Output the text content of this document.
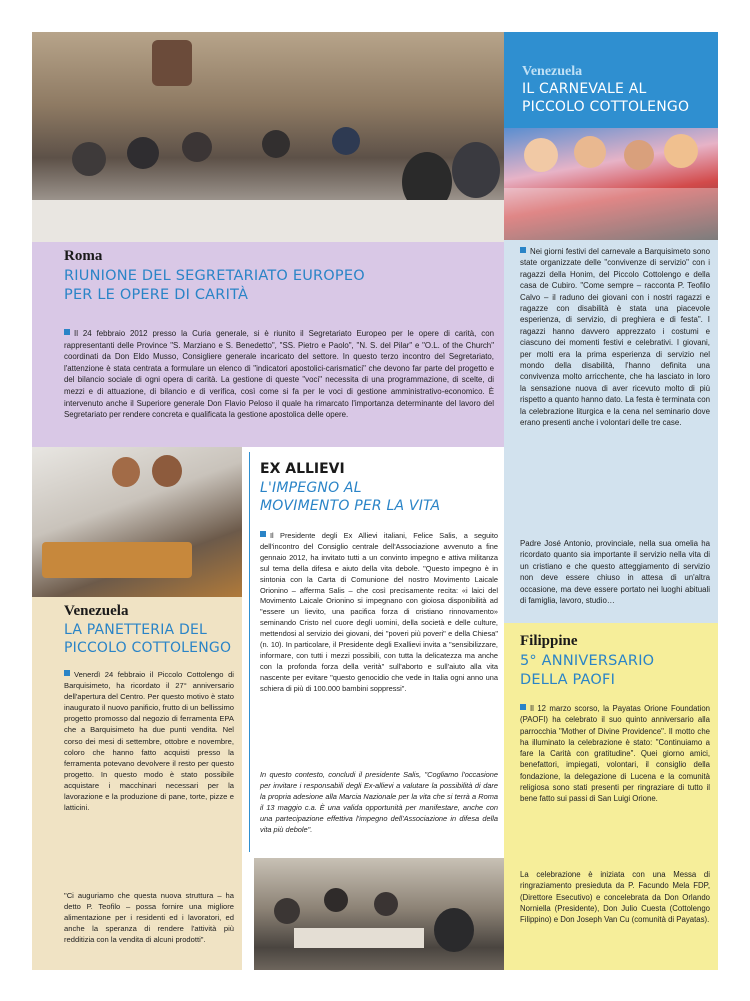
Roma
RIUNIONE DEL SEGRETARIATO EUROPEO
PER LE OPERE DI CARITÀ
Il 24 febbraio 2012 presso la Curia generale, si è riunito il Segretariato Europeo per le opere di carità, con rappresentanti delle Province "S. Marziano e S. Benedetto", "SS. Pietro e Paolo", "N. S. del Pilar" e "O.L. of the Church" coordinati da Don Eldo Musso, Consigliere generale incaricato del settore. In questo terzo incontro del Segretariato, l'attenzione è stata centrata a formulare un elenco di "indicatori apostolici-carismatici" che devono far parte del progetto e del bilancio sociale di ogni opera di carità. La gestione di queste "voci" necessita di una programmazione, di scelte, di mezzi e di attuazione, di bilancio e di verifica, così come si fa per le voci di gestione amministrativo-economico. È intervenuto anche il Superiore generale Don Flavio Peloso il quale ha rimarcato l'importanza determinante del lavoro del Segretariato per rendere concreta e qualificata la gestione apostolica delle opere.
Venezuela
IL CARNEVALE AL
PICCOLO COTTOLENGO
Nei giorni festivi del carnevale a Barquisimeto sono state organizzate delle "convivenze di servizio" con i ragazzi della Honim, del Piccolo Cottolengo e della casa de Cubiro. "Come sempre – racconta P. Teofilo Calvo – il raduno dei giovani con i nostri ragazzi e ragazze con disabilità è stata una piacevole esperienza, di servizio, di preghiera e di festa". I ragazzi hanno davvero apprezzato i costumi e ciascuno dei momenti festivi e celebrativi. I giovani, per molti era la prima esperienza di servizio nel mondo della disabilità, l'hanno definita una convivenza molto arricchente, che ha lasciato in loro la sensazione nuova di aver ricevuto molto di più rispetto a quanto hanno dato. La festa è terminata con la celebrazione liturgica e la cena nel seminario dove erano presenti anche i volontari delle tre case.
Padre José Antonio, provinciale, nella sua omelia ha ricordato quanto sia importante il servizio nella vita di un cristiano e che questo atteggiamento di servizio non deve essere chiuso in attesa di un'altra occasione, ma deve essere portato nei luoghi abituali di famiglia, lavoro, studio…
Venezuela
LA PANETTERIA DEL
PICCOLO COTTOLENGO
Venerdì 24 febbraio il Piccolo Cottolengo di Barquisimeto, ha ricordato il 27° anniversario dell'apertura del Centro. Per questo motivo è stato inaugurato il nuovo panificio, frutto di un bellissimo progetto promosso dal negozio di ferramenta EPA che a Barquisimeto ha due punti vendita. Nel corso dei mesi di settembre, ottobre e novembre, coloro che hanno fatto acquisti presso la ferramenta potevano devolvere il resto per questo progetto. In questo modo è stato possibile acquistare i macchinari necessari per la lavorazione e la produzione di pane, torte, pizze e latticini.
"Ci auguriamo che questa nuova struttura – ha detto P. Teofilo – possa fornire una migliore alimentazione per i residenti ed i lavoratori, ed anche la speranza di rendere l'attività più redditizia con la vendita di alcuni prodotti".
EX ALLIEVI
L'IMPEGNO AL
MOVIMENTO PER LA VITA
Il Presidente degli Ex Allievi italiani, Felice Salis, a seguito dell'incontro del Consiglio centrale dell'Associazione avvenuto a fine gennaio 2012, ha invitato tutti a un convinto impegno e attiva militanza sul tema della difesa e aiuto della vita debole. "Questo impegno è in sintonia con la Carta di Comunione del nostro Movimento Laicale Orionino – afferma Salis – che così precisamente recita: «i laici del Movimento Laicale Orionino si impegnano con gioiosa disponibilità ad "essere un lievito, una pacifica forza di cristiano rinnovamento» seminando Cristo nel cuore degli uomini, della società e delle culture, mettendosi al servizio dei giovani, dei "poveri più poveri" e della Chiesa" (n. 10). In particolare, il Presidente degli Exallievi invita a "sensibilizzare, informare, con tutti i mezzi possibili, con tutta la delicatezza ma anche con la profonda forza della verità" sull'aborto e sull'aiuto alla vita nascente per evitare "questo genocidio che vede in Italia ogni anno una schiera di più di 100.000 bambini soppressi".
In questo contesto, concludi il presidente Salis, "Cogliamo l'occasione per invitare i responsabili degli Ex-allievi a valutare la possibilità di dare la propria adesione alla Marcia Nazionale per la vita che si terrà a Roma il 13 maggio c.a. È una valida opportunità per manifestare, anche con una partecipazione effettiva l'impegno dell'Associazione in difesa della vita più debole".
Filippine
5° ANNIVERSARIO
DELLA PAOFI
Il 12 marzo scorso, la Payatas Orione Foundation (PAOFI) ha celebrato il suo quinto anniversario alla parrocchia "Mother of Divine Providence". Il motto che ha illuminato la celebrazione è stato: "Continuiamo a fare la Carità con gratitudine". Quei giorno amici, benefattori, impiegati, volontari, il consiglio della fondazione, la delegazione di Lucena e la comunità religiosa sono stati presenti per ringraziare di tutto il bene fatto sui passi di San Luigi Orione.
La celebrazione è iniziata con una Messa di ringraziamento presieduta da P. Facundo Mela FDP, (Direttore Esecutivo) e concelebrata da Don Orlando Norniella (Presidente), Don Julio Cuesta (Cottolengo Filippino) e Don Joseph Van Cu (comunità di Payatas).
